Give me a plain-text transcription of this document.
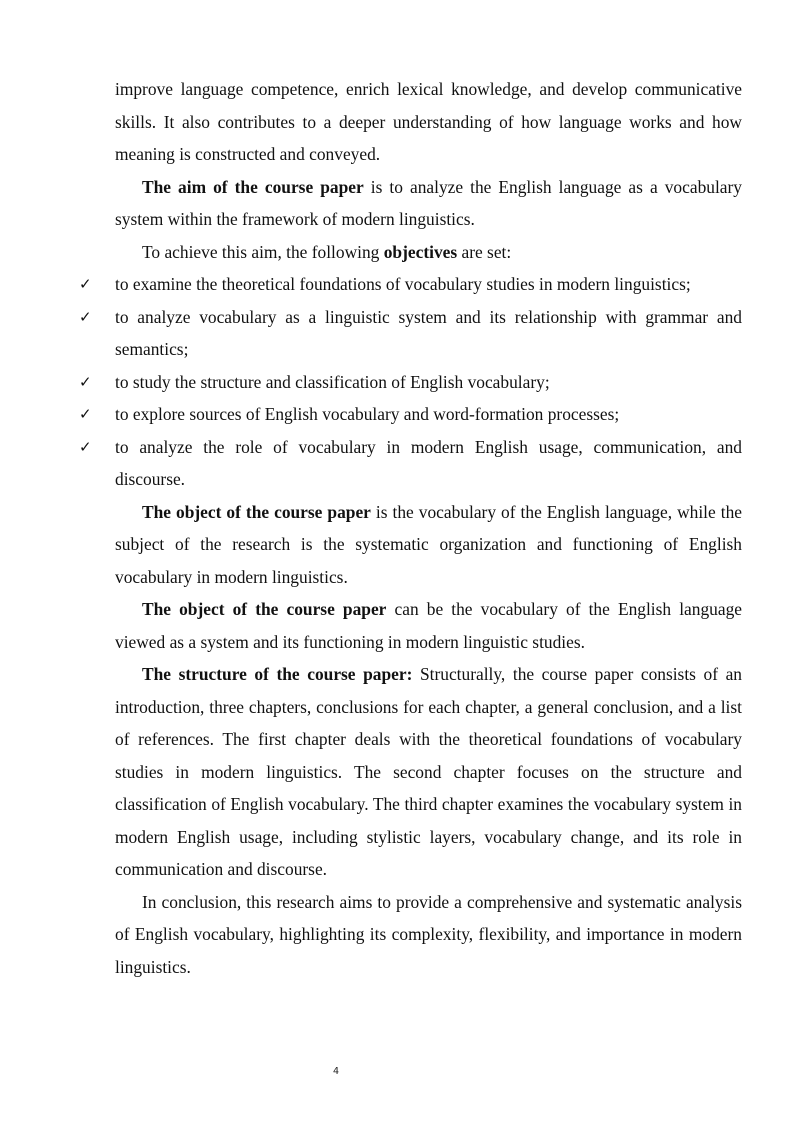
improve language competence, enrich lexical knowledge, and develop communicative skills. It also contributes to a deeper understanding of how language works and how meaning is constructed and conveyed.

The aim of the course paper is to analyze the English language as a vocabulary system within the framework of modern linguistics.

To achieve this aim, the following objectives are set:

✓	to examine the theoretical foundations of vocabulary studies in modern linguistics;
✓	to analyze vocabulary as a linguistic system and its relationship with grammar and semantics;
✓	to study the structure and classification of English vocabulary;
✓	to explore sources of English vocabulary and word-formation processes;
✓	to analyze the role of vocabulary in modern English usage, communication, and discourse.

The object of the course paper is the vocabulary of the English language, while the subject of the research is the systematic organization and functioning of English vocabulary in modern linguistics.

The object of the course paper can be the vocabulary of the English language viewed as a system and its functioning in modern linguistic studies.

The structure of the course paper: Structurally, the course paper consists of an introduction, three chapters, conclusions for each chapter, a general conclusion, and a list of references. The first chapter deals with the theoretical foundations of vocabulary studies in modern linguistics. The second chapter focuses on the structure and classification of English vocabulary. The third chapter examines the vocabulary system in modern English usage, including stylistic layers, vocabulary change, and its role in communication and discourse.

In conclusion, this research aims to provide a comprehensive and systematic analysis of English vocabulary, highlighting its complexity, flexibility, and importance in modern linguistics.

4
